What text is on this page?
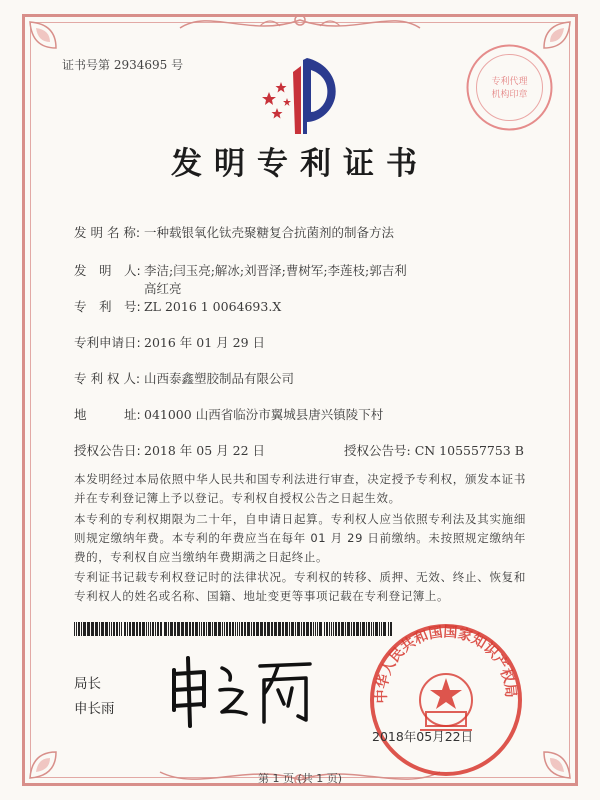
证书号第 2934695 号
专利代理
机构印章
发明专利证书
发 明 名 称: 一种载银氧化钛壳聚糖复合抗菌剂的制备方法
发　明　人: 李洁;闫玉亮;解冰;刘晋泽;曹树军;李莲枝;郭吉利
高红亮
专　利　号: ZL 2016 1 0064693.X
专利申请日: 2016 年 01 月 29 日
专 利 权 人: 山西泰鑫塑胶制品有限公司
地　　　址: 041000 山西省临汾市翼城县唐兴镇陵下村
授权公告日: 2018 年 05 月 22 日	授权公告号: CN 105557753 B
本发明经过本局依照中华人民共和国专利法进行审查，决定授予专利权，颁发本证书并在专利登记簿上予以登记。专利权自授权公告之日起生效。
本专利的专利权期限为二十年，自申请日起算。专利权人应当依照专利法及其实施细则规定缴纳年费。本专利的年费应当在每年 01 月 29 日前缴纳。未按照规定缴纳年费的，专利权自应当缴纳年费期满之日起终止。
专利证书记载专利权登记时的法律状况。专利权的转移、质押、无效、终止、恢复和专利权人的姓名或名称、国籍、地址变更等事项记载在专利登记簿上。
局长
申长雨
中华人民共和国国家知识产权局
2018年05月22日
第 1 页 (共 1 页)
